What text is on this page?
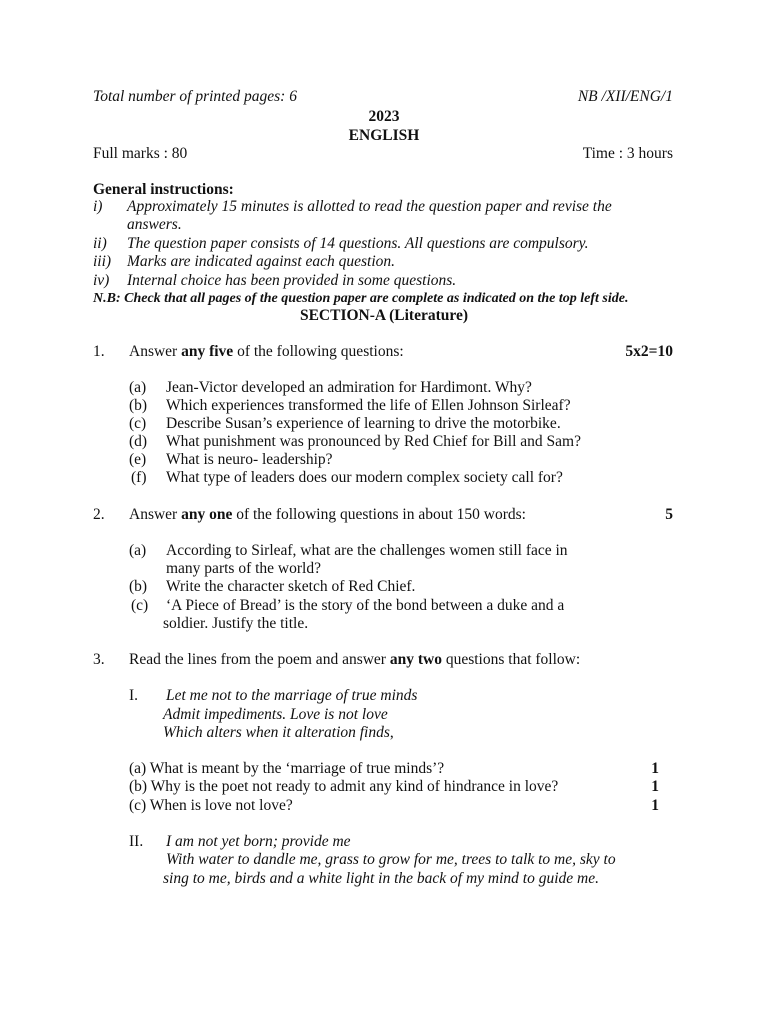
Total number of printed pages: 6	NB /XII/ENG/1
2023
ENGLISH
Full marks : 80	Time : 3 hours
General instructions:
i) Approximately 15 minutes is allotted to read the question paper and revise the
answers.
ii) The question paper consists of 14 questions. All questions are compulsory.
iii) Marks are indicated against each question.
iv) Internal choice has been provided in some questions.
N.B: Check that all pages of the question paper are complete as indicated on the top left side.
SECTION-A (Literature)
1. Answer any five of the following questions:	5x2=10
(a) Jean-Victor developed an admiration for Hardimont. Why?
(b) Which experiences transformed the life of Ellen Johnson Sirleaf?
(c) Describe Susan’s experience of learning to drive the motorbike.
(d) What punishment was pronounced by Red Chief for Bill and Sam?
(e) What is neuro- leadership?
(f) What type of leaders does our modern complex society call for?
2. Answer any one of the following questions in about 150 words:	5
(a) According to Sirleaf, what are the challenges women still face in
many parts of the world?
(b) Write the character sketch of Red Chief.
(c) ‘A Piece of Bread’ is the story of the bond between a duke and a
soldier. Justify the title.
3. Read the lines from the poem and answer any two questions that follow:
I. Let me not to the marriage of true minds
Admit impediments. Love is not love
Which alters when it alteration finds,
(a) What is meant by the ‘marriage of true minds’?	1
(b) Why is the poet not ready to admit any kind of hindrance in love?	1
(c) When is love not love?	1
II. I am not yet born; provide me
With water to dandle me, grass to grow for me, trees to talk to me, sky to
sing to me, birds and a white light in the back of my mind to guide me.
